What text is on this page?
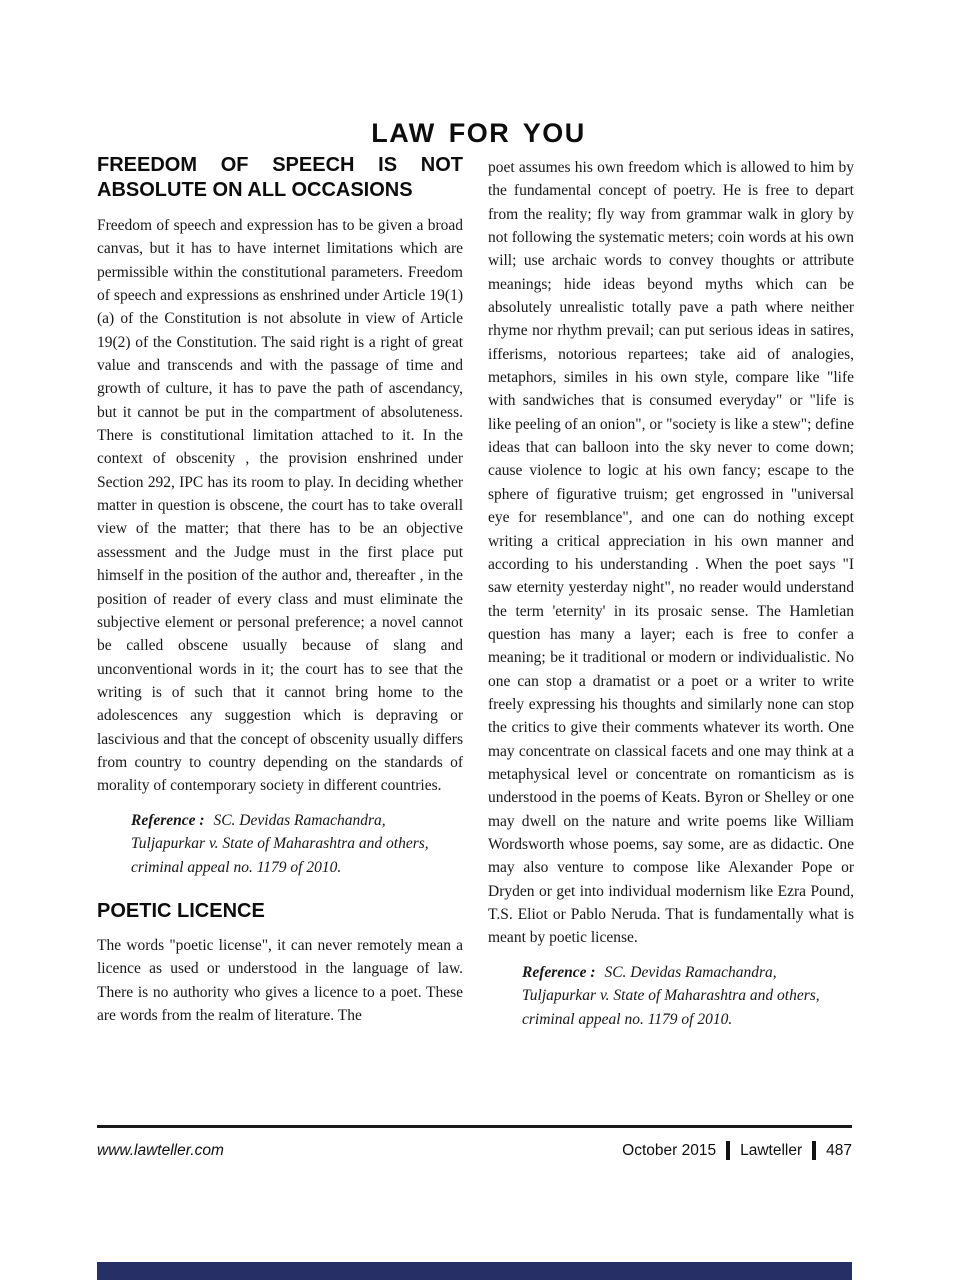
LAW FOR YOU
FREEDOM OF SPEECH IS NOT
ABSOLUTE ON ALL OCCASIONS

Freedom of speech and expression has to be given a broad canvas, but it has to have internet limitations which are permissible within the constitutional parameters. Freedom of speech and expressions as enshrined under Article 19(1)(a) of the Constitution is not absolute in view of Article 19(2) of the Constitution. The said right is a right of great value and transcends and with the passage of time and growth of culture, it has to pave the path of ascendancy, but it cannot be put in the compartment of absoluteness. There is constitutional limitation attached to it. In the context of obscenity , the provision enshrined under Section 292, IPC has its room to play. In deciding whether matter in question is obscene, the court has to take overall view of the matter; that there has to be an objective assessment and the Judge must in the first place put himself in the position of the author and, thereafter , in the position of reader of every class and must eliminate the subjective element or personal preference; a novel cannot be called obscene usually because of slang and unconventional words in it; the court has to see that the writing is of such that it cannot bring home to the adolescences any suggestion which is depraving or lascivious and that the concept of obscenity usually differs from country to country depending on the standards of morality of contemporary society in different countries.

Reference : SC. Devidas Ramachandra, Tuljapurkar v. State of Maharashtra and others, criminal appeal no. 1179 of 2010.

POETIC LICENCE

The words "poetic license", it can never remotely mean a licence as used or understood in the language of law. There is no authority who gives a licence to a poet. These are words from the realm of literature. The

poet assumes his own freedom which is allowed to him by the fundamental concept of poetry. He is free to depart from the reality; fly way from grammar walk in glory by not following the systematic meters; coin words at his own will; use archaic words to convey thoughts or attribute meanings; hide ideas beyond myths which can be absolutely unrealistic totally pave a path where neither rhyme nor rhythm prevail; can put serious ideas in satires, ifferisms, notorious repartees; take aid of analogies, metaphors, similes in his own style, compare like "life with sandwiches that is consumed everyday" or "life is like peeling of an onion", or "society is like a stew"; define ideas that can balloon into the sky never to come down; cause violence to logic at his own fancy; escape to the sphere of figurative truism; get engrossed in "universal eye for resemblance", and one can do nothing except writing a critical appreciation in his own manner and according to his understanding . When the poet says "I saw eternity yesterday night", no reader would understand the term 'eternity' in its prosaic sense. The Hamletian question has many a layer; each is free to confer a meaning; be it traditional or modern or individualistic. No one can stop a dramatist or a poet or a writer to write freely expressing his thoughts and similarly none can stop the critics to give their comments whatever its worth. One may concentrate on classical facets and one may think at a metaphysical level or concentrate on romanticism as is understood in the poems of Keats. Byron or Shelley or one may dwell on the nature and write poems like William Wordsworth whose poems, say some, are as didactic. One may also venture to compose like Alexander Pope or Dryden or get into individual modernism like Ezra Pound, T.S. Eliot or Pablo Neruda. That is fundamentally what is meant by poetic license.

Reference : SC. Devidas Ramachandra, Tuljapurkar v. State of Maharashtra and others, criminal appeal no. 1179 of 2010.

www.lawteller.com	October 2015 Lawteller 487
